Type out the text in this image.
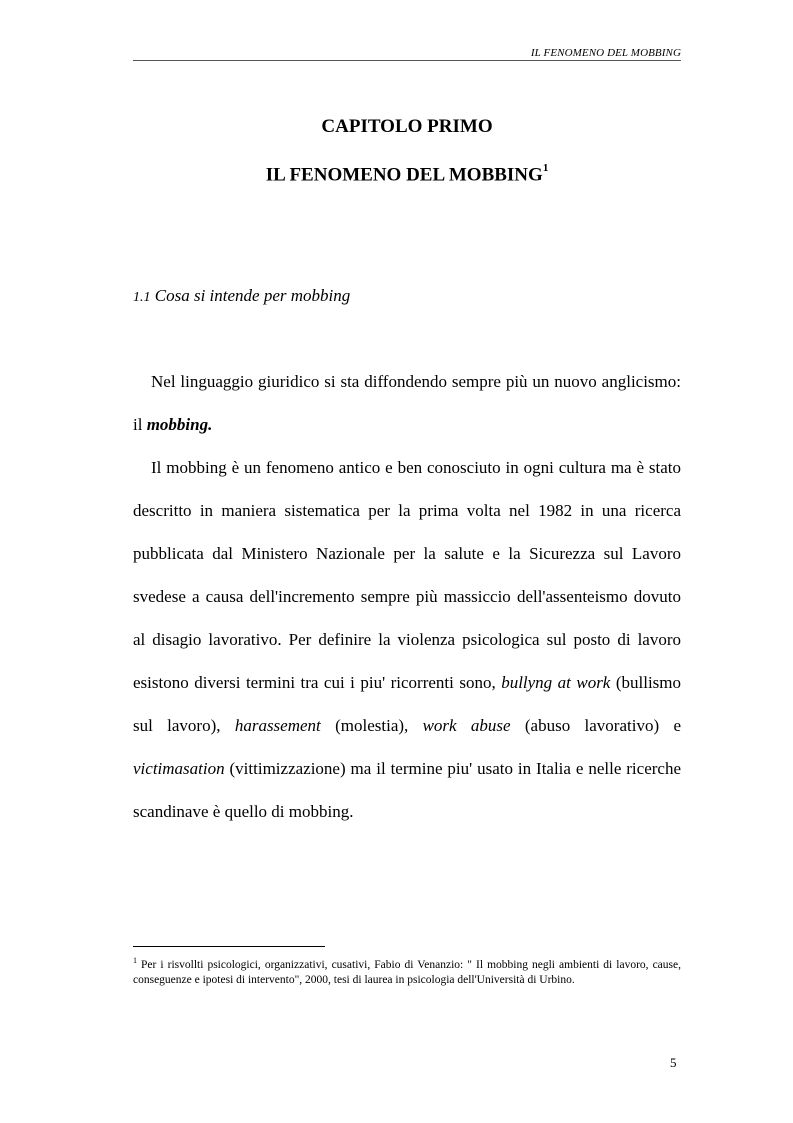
IL FENOMENO DEL MOBBING
CAPITOLO PRIMO
IL FENOMENO DEL MOBBING$^1$
1.1 Cosa si intende per mobbing

Nel linguaggio giuridico si sta diffondendo sempre più un nuovo anglicismo: il mobbing.

Il mobbing è un fenomeno antico e ben conosciuto in ogni cultura ma è stato descritto in maniera sistematica per la prima volta nel 1982 in una ricerca pubblicata dal Ministero Nazionale per la salute e la Sicurezza sul Lavoro svedese a causa dell'incremento sempre più massiccio dell'assenteismo dovuto al disagio lavorativo. Per definire la violenza psicologica sul posto di lavoro esistono diversi termini tra cui i piu' ricorrenti sono, bullyng at work (bullismo sul lavoro), harassement (molestia), work abuse (abuso lavorativo) e victimasation (vittimizzazione) ma il termine piu' usato in Italia e nelle ricerche scandinave è quello di mobbing.

$^1$ Per i risvollti psicologici, organizzativi, cusativi, Fabio di Venanzio: " Il mobbing negli ambienti di lavoro, cause, conseguenze e ipotesi di intervento", 2000, tesi di laurea in psicologia dell'Università di Urbino.
5
